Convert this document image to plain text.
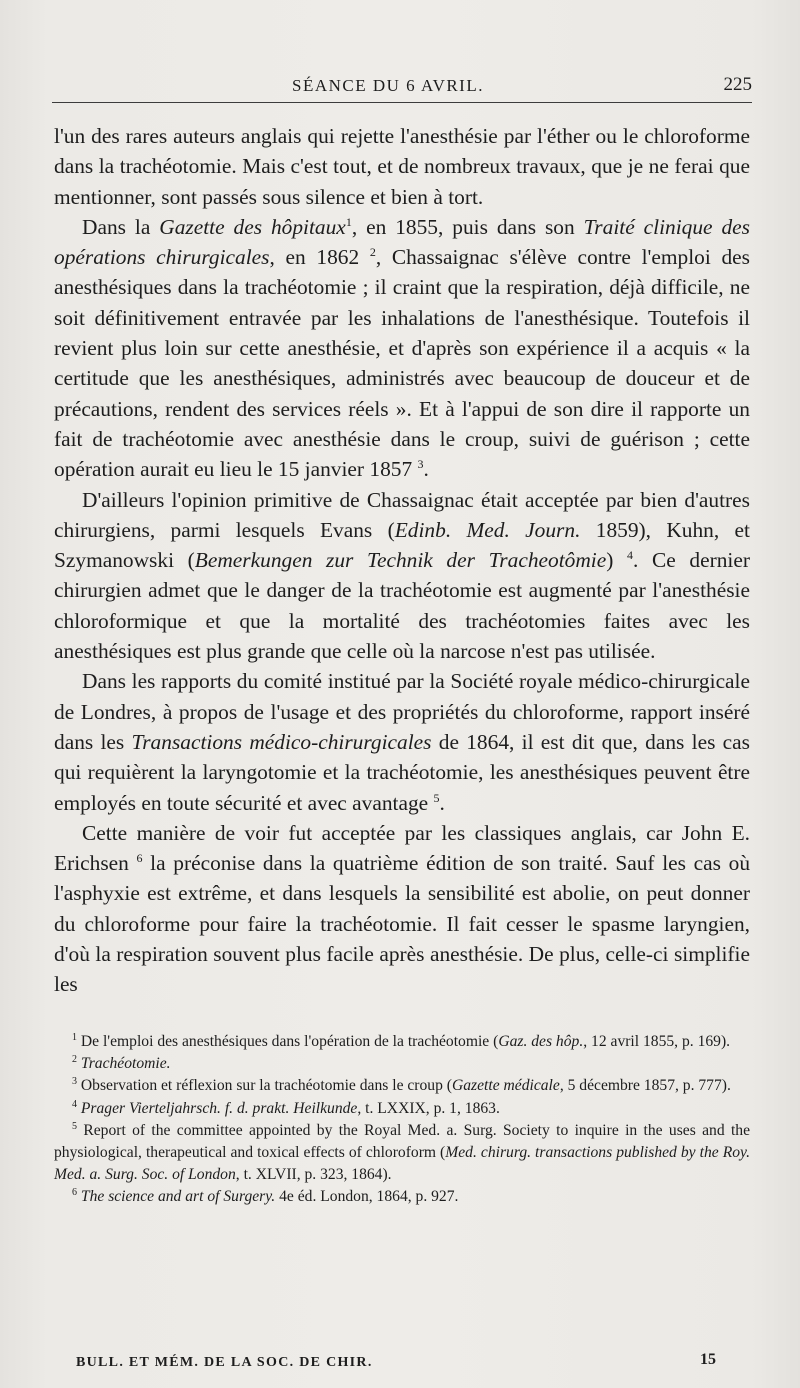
SÉANCE DU 6 AVRIL.	225

l'un des rares auteurs anglais qui rejette l'anesthésie par l'éther ou le chloroforme dans la trachéotomie. Mais c'est tout, et de nombreux travaux, que je ne ferai que mentionner, sont passés sous silence et bien à tort.

Dans la Gazette des hôpitaux$^1$, en 1855, puis dans son Traité clinique des opérations chirurgicales, en 1862 $^2$, Chassaignac s'élève contre l'emploi des anesthésiques dans la trachéotomie ; il craint que la respiration, déjà difficile, ne soit définitivement entravée par les inhalations de l'anesthésique. Toutefois il revient plus loin sur cette anesthésie, et d'après son expérience il a acquis « la certitude que les anesthésiques, administrés avec beaucoup de douceur et de précautions, rendent des services réels ». Et à l'appui de son dire il rapporte un fait de trachéotomie avec anesthésie dans le croup, suivi de guérison ; cette opération aurait eu lieu le 15 janvier 1857 $^3$.

D'ailleurs l'opinion primitive de Chassaignac était acceptée par bien d'autres chirurgiens, parmi lesquels Evans (Edinb. Med. Journ. 1859), Kuhn, et Szymanowski (Bemerkungen zur Technik der Tracheotômie) $^4$. Ce dernier chirurgien admet que le danger de la trachéotomie est augmenté par l'anesthésie chloroformique et que la mortalité des trachéotomies faites avec les anesthésiques est plus grande que celle où la narcose n'est pas utilisée.

Dans les rapports du comité institué par la Société royale médico-chirurgicale de Londres, à propos de l'usage et des propriétés du chloroforme, rapport inséré dans les Transactions médico-chirurgicales de 1864, il est dit que, dans les cas qui requièrent la laryngotomie et la trachéotomie, les anesthésiques peuvent être employés en toute sécurité et avec avantage $^5$.

Cette manière de voir fut acceptée par les classiques anglais, car John E. Erichsen $^6$ la préconise dans la quatrième édition de son traité. Sauf les cas où l'asphyxie est extrême, et dans lesquels la sensibilité est abolie, on peut donner du chloroforme pour faire la trachéotomie. Il fait cesser le spasme laryngien, d'où la respiration souvent plus facile après anesthésie. De plus, celle-ci simplifie les

$^1$ De l'emploi des anesthésiques dans l'opération de la trachéotomie (Gaz. des hôp., 12 avril 1855, p. 169).

$^2$ Trachéotomie.

$^3$ Observation et réflexion sur la trachéotomie dans le croup (Gazette médicale, 5 décembre 1857, p. 777).

$^4$ Prager Vierteljahrsch. f. d. prakt. Heilkunde, t. LXXIX, p. 1, 1863.

$^5$ Report of the committee appointed by the Royal Med. a. Surg. Society to inquire in the uses and the physiological, therapeutical and toxical effects of chloroform (Med. chirurg. transactions published by the Roy. Med. a. Surg. Soc. of London, t. XLVII, p. 323, 1864).

$^6$ The science and art of Surgery. 4e éd. London, 1864, p. 927.

BULL. ET MÉM. DE LA SOC. DE CHIR.	15
